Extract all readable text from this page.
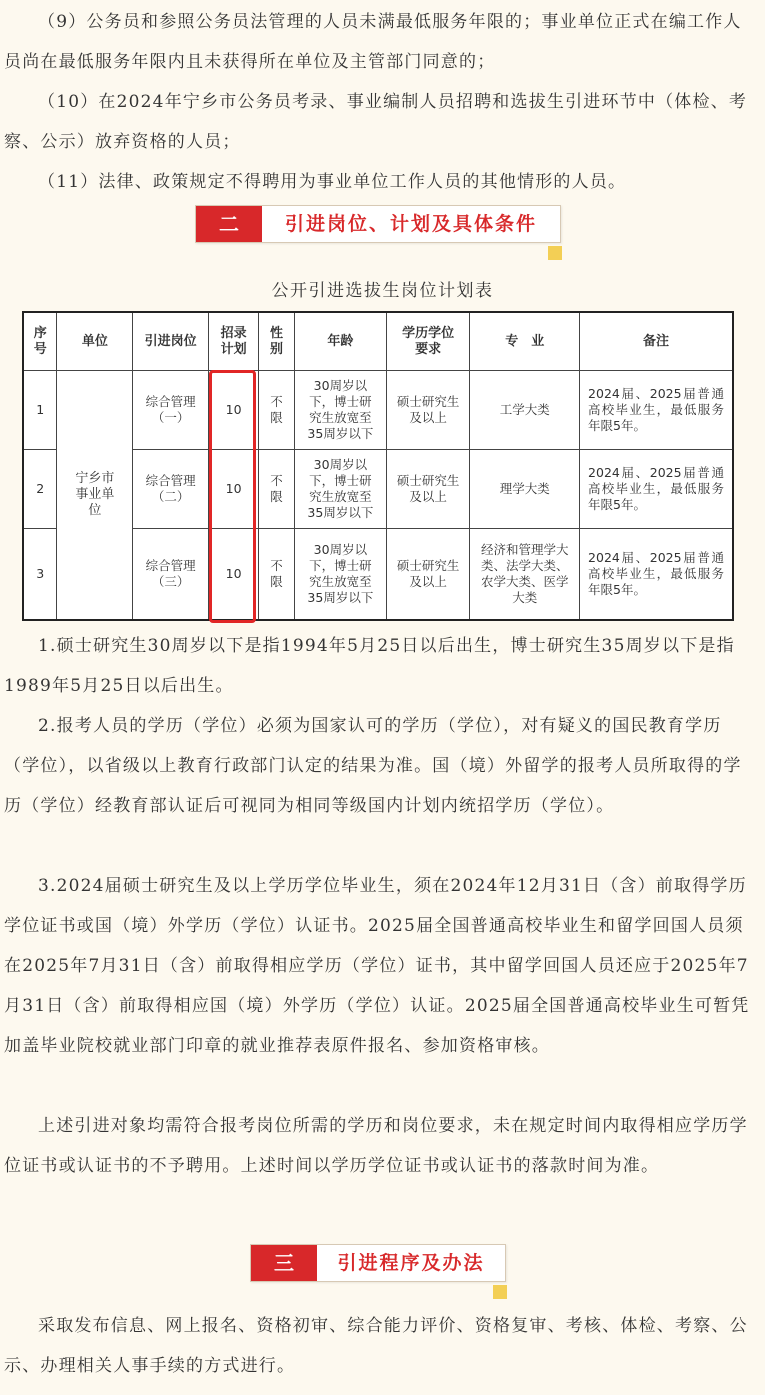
（9）公务员和参照公务员法管理的人员未满最低服务年限的；事业单位正式在编工作人员尚在最低服务年限内且未获得所在单位及主管部门同意的；

（10）在2024年宁乡市公务员考录、事业编制人员招聘和选拔生引进环节中（体检、考察、公示）放弃资格的人员；

（11）法律、政策规定不得聘用为事业单位工作人员的其他情形的人员。

二	引进岗位、计划及具体条件
公开引进选拔生岗位计划表
序号	单位	引进岗位	招录计划	性别	年龄	学历学位要求	专　业	备注
1	宁乡市事业单位	综合管理（一）	10	不限	30周岁以下，博士研究生放宽至35周岁以下	硕士研究生及以上	工学大类	2024届、2025届普通高校毕业生，最低服务年限5年。
2		综合管理（二）	10	不限	30周岁以下，博士研究生放宽至35周岁以下	硕士研究生及以上	理学大类	2024届、2025届普通高校毕业生，最低服务年限5年。
3		综合管理（三）	10	不限	30周岁以下，博士研究生放宽至35周岁以下	硕士研究生及以上	经济和管理学大类、法学大类、农学大类、医学大类	2024届、2025届普通高校毕业生，最低服务年限5年。

1.硕士研究生30周岁以下是指1994年5月25日以后出生，博士研究生35周岁以下是指1989年5月25日以后出生。

2.报考人员的学历（学位）必须为国家认可的学历（学位），对有疑义的国民教育学历（学位），以省级以上教育行政部门认定的结果为准。国（境）外留学的报考人员所取得的学历（学位）经教育部认证后可视同为相同等级国内计划内统招学历（学位）。

3.2024届硕士研究生及以上学历学位毕业生，须在2024年12月31日（含）前取得学历学位证书或国（境）外学历（学位）认证书。2025届全国普通高校毕业生和留学回国人员须在2025年7月31日（含）前取得相应学历（学位）证书，其中留学回国人员还应于2025年7月31日（含）前取得相应国（境）外学历（学位）认证。2025届全国普通高校毕业生可暂凭加盖毕业院校就业部门印章的就业推荐表原件报名、参加资格审核。

上述引进对象均需符合报考岗位所需的学历和岗位要求，未在规定时间内取得相应学历学位证书或认证书的不予聘用。上述时间以学历学位证书或认证书的落款时间为准。

三	引进程序及办法

采取发布信息、网上报名、资格初审、综合能力评价、资格复审、考核、体检、考察、公示、办理相关人事手续的方式进行。
